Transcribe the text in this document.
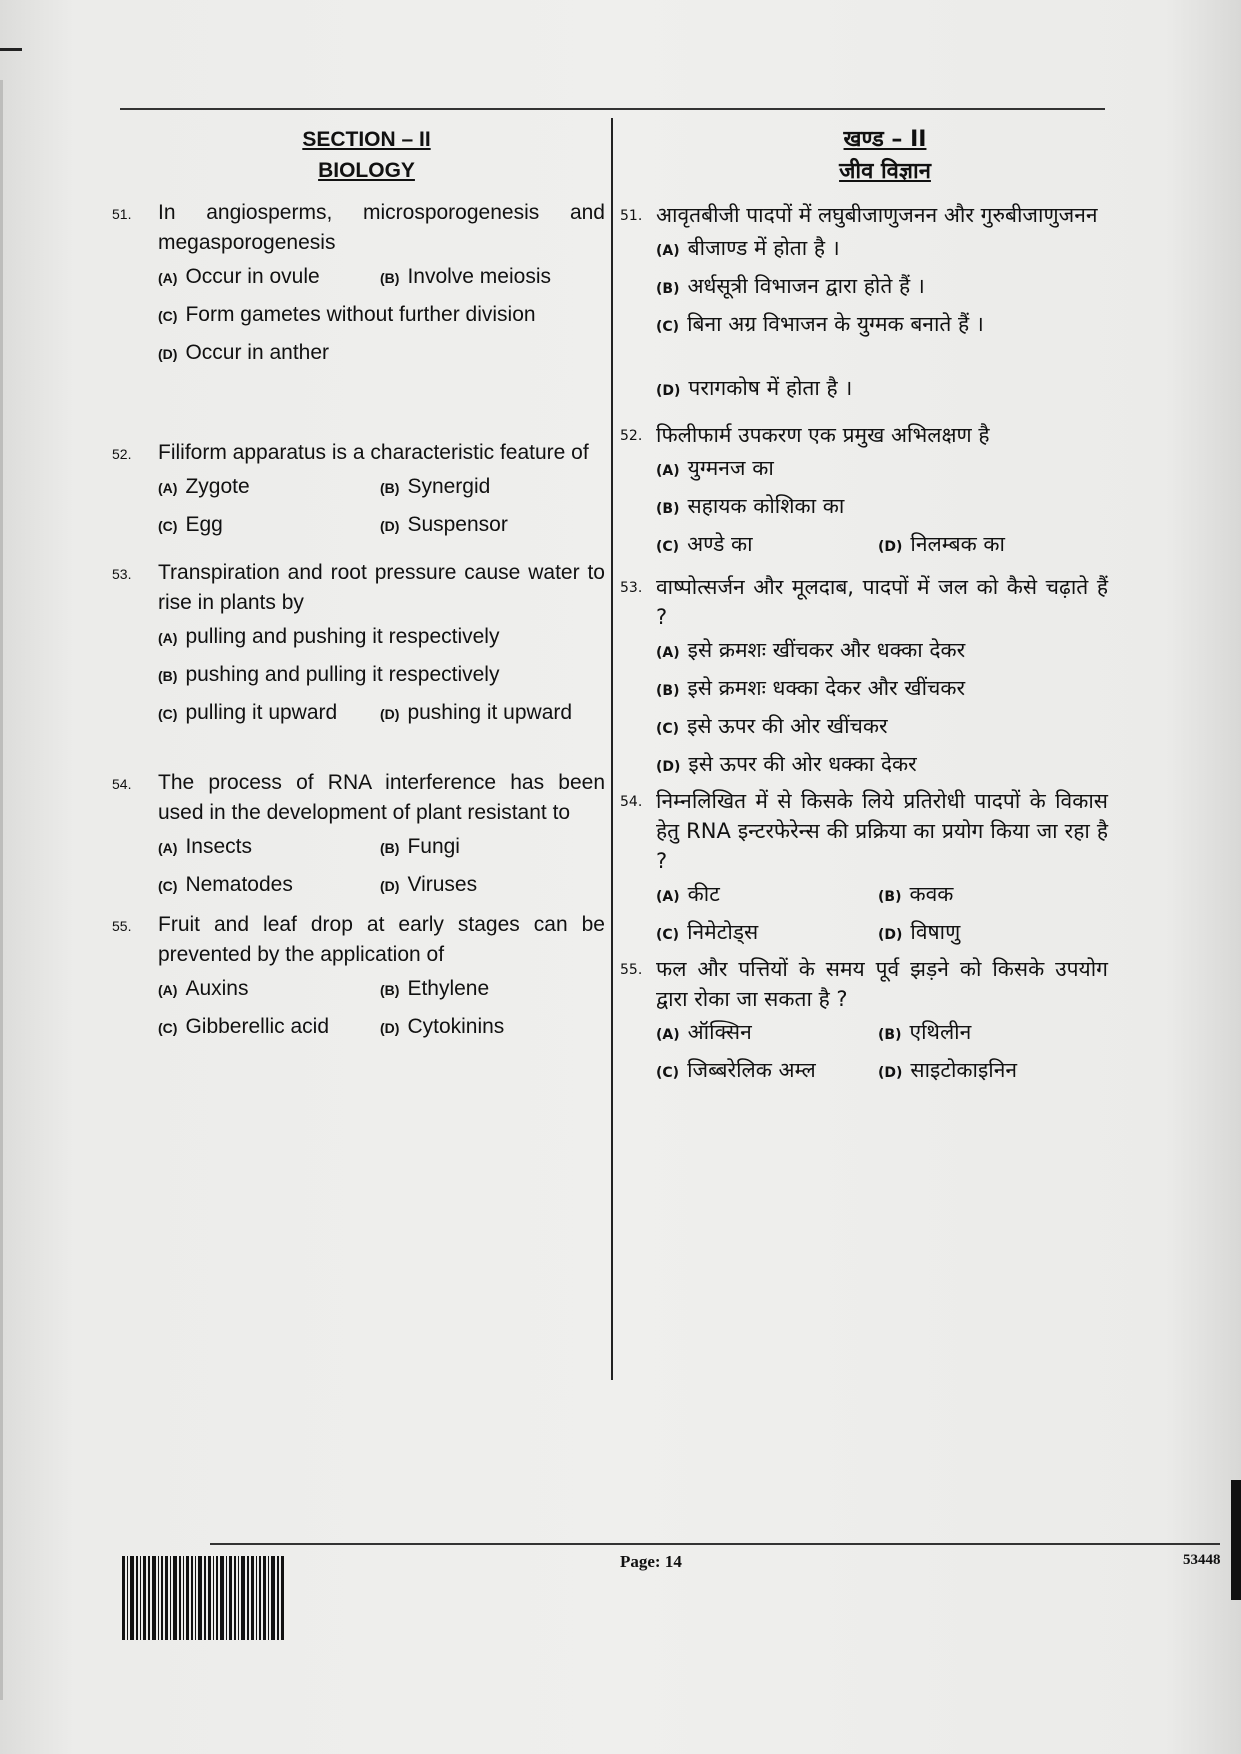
SECTION – II
BIOLOGY
51. In angiosperms, microsporogenesis and megasporogenesis
(A) Occur in ovule	(B) Involve meiosis
(C) Form gametes without further division
(D) Occur in anther
52. Filiform apparatus is a characteristic feature of
(A) Zygote	(B) Synergid
(C) Egg	(D) Suspensor
53. Transpiration and root pressure cause water to rise in plants by
(A) pulling and pushing it respectively
(B) pushing and pulling it respectively
(C) pulling it upward	(D) pushing it upward
54. The process of RNA interference has been used in the development of plant resistant to
(A) Insects	(B) Fungi
(C) Nematodes	(D) Viruses
55. Fruit and leaf drop at early stages can be prevented by the application of
(A) Auxins	(B) Ethylene
(C) Gibberellic acid	(D) Cytokinins
खण्ड – II
जीव विज्ञान
51. आवृतबीजी पादपों में लघुबीजाणुजनन और गुरुबीजाणुजनन
(A) बीजाण्ड में होता है ।
(B) अर्धसूत्री विभाजन द्वारा होते हैं ।
(C) बिना अग्र विभाजन के युग्मक बनाते हैं ।
(D) परागकोष में होता है ।
52. फिलीफार्म उपकरण एक प्रमुख अभिलक्षण है
(A) युग्मनज का
(B) सहायक कोशिका का
(C) अण्डे का	(D) निलम्बक का
53. वाष्पोत्सर्जन और मूलदाब, पादपों में जल को कैसे चढ़ाते हैं ?
(A) इसे क्रमशः खींचकर और धक्का देकर
(B) इसे क्रमशः धक्का देकर और खींचकर
(C) इसे ऊपर की ओर खींचकर
(D) इसे ऊपर की ओर धक्का देकर
54. निम्नलिखित में से किसके लिये प्रतिरोधी पादपों के विकास हेतु RNA इन्टरफेरेन्स की प्रक्रिया का प्रयोग किया जा रहा है ?
(A) कीट	(B) कवक
(C) निमेटोड्स	(D) विषाणु
55. फल और पत्तियों के समय पूर्व झड़ने को किसके उपयोग द्वारा रोका जा सकता है ?
(A) ऑक्सिन	(B) एथिलीन
(C) जिब्बरेलिक अम्ल	(D) साइटोकाइनिन
Page: 14	53448
